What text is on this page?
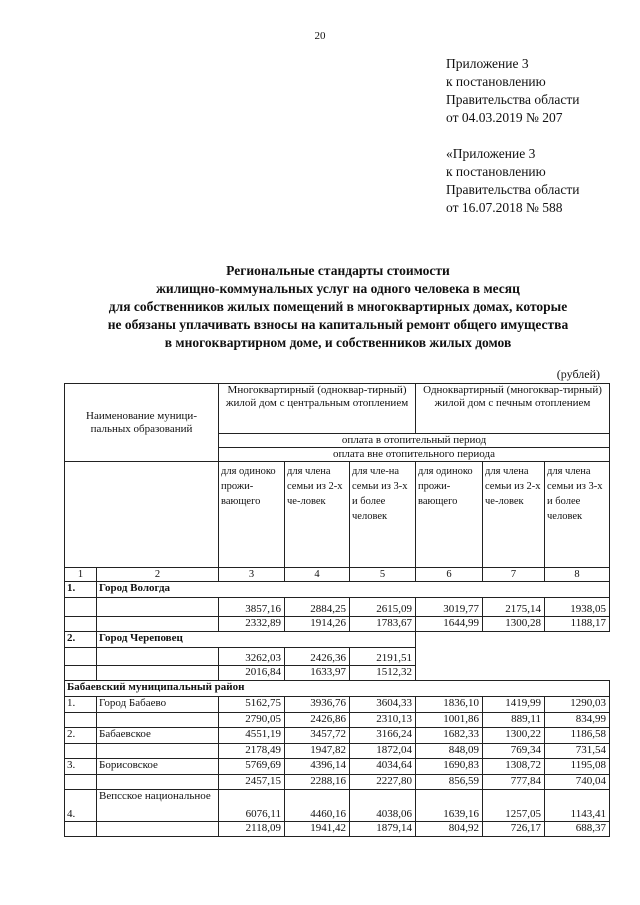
20
Приложение 3
к постановлению
Правительства области
от 04.03.2019 № 207
«Приложение 3
к постановлению
Правительства области
от 16.07.2018 № 588
Региональные стандарты стоимости
жилищно-коммунальных услуг на одного человека в месяц
для собственников жилых помещений в многоквартирных домах, которые
не обязаны уплачивать взносы на капитальный ремонт общего имущества
в многоквартирном доме, и собственников жилых домов
(рублей)
Наименование муници-пальных образований		Многоквартирный (одноквар-тирный) жилой дом с центральным отоплением			Одноквартирный (многоквар-тирный) жилой дом с печным отоплением		
		оплата в отопительный период					
		оплата вне отопительного периода					
		для одиноко прожи-вающего	для члена семьи из 2-х че-ловек	для чле-на семьи из 3-х и более человек	для одиноко прожи-вающего	для члена семьи из 2-х че-ловек	для члена семьи из 3-х и более человек
1	2	3	4	5	6	7	8
1.	Город Вологда						
		3857,16	2884,25	2615,09	3019,77	2175,14	1938,05
		2332,89	1914,26	1783,67	1644,99	1300,28	1188,17
2.	Город Череповец						
		3262,03	2426,36	2191,51			
		2016,84	1633,97	1512,32			
Бабаевский муниципальный район							
1.	Город Бабаево	5162,75	3936,76	3604,33	1836,10	1419,99	1290,03
		2790,05	2426,86	2310,13	1001,86	889,11	834,99
2.	Бабаевское	4551,19	3457,72	3166,24	1682,33	1300,22	1186,58
		2178,49	1947,82	1872,04	848,09	769,34	731,54
3.	Борисовское	5769,69	4396,14	4034,64	1690,83	1308,72	1195,08
		2457,15	2288,16	2227,80	856,59	777,84	740,04
4.	Вепсское национальное	6076,11	4460,16	4038,06	1639,16	1257,05	1143,41
		2118,09	1941,42	1879,14	804,92	726,17	688,37
